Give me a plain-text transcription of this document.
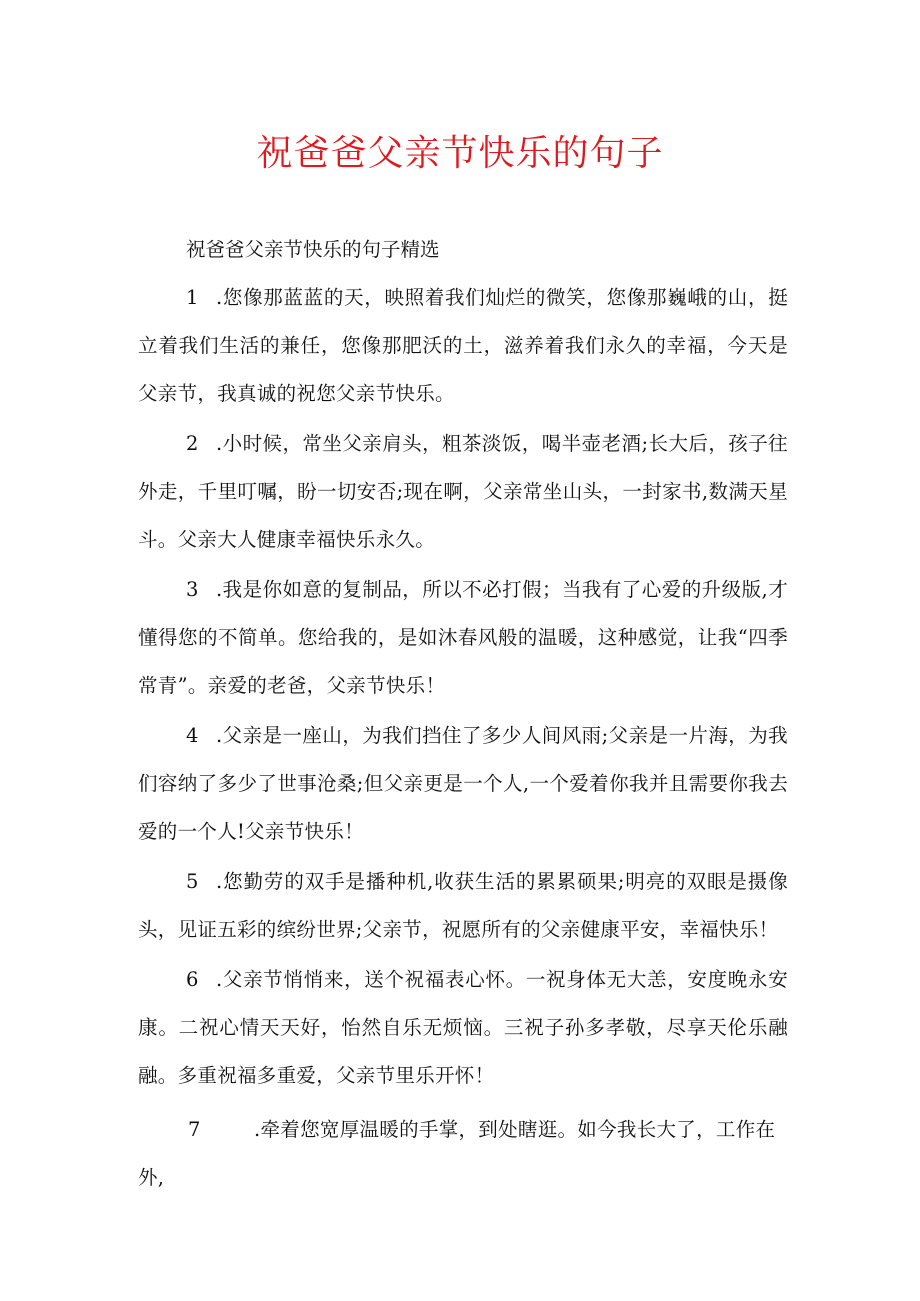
祝爸爸父亲节快乐的句子
祝爸爸父亲节快乐的句子精选

1 .您像那蓝蓝的天，映照着我们灿烂的微笑，您像那巍峨的山，挺立着我们生活的兼任，您像那肥沃的土，滋养着我们永久的幸福，今天是父亲节，我真诚的祝您父亲节快乐。

2 .小时候，常坐父亲肩头，粗茶淡饭，喝半壶老酒;长大后，孩子往外走，千里叮嘱，盼一切安否;现在啊，父亲常坐山头，一封家书,数满天星斗。父亲大人健康幸福快乐永久。

3 .我是你如意的复制品，所以不必打假；当我有了心爱的升级版,才懂得您的不简单。您给我的，是如沐春风般的温暖，这种感觉，让我“四季常青”。亲爱的老爸，父亲节快乐！

4 .父亲是一座山，为我们挡住了多少人间风雨;父亲是一片海，为我们容纳了多少了世事沧桑;但父亲更是一个人,一个爱着你我并且需要你我去爱的一个人!父亲节快乐！

5 .您勤劳的双手是播种机,收获生活的累累硕果;明亮的双眼是摄像头，见证五彩的缤纷世界;父亲节，祝愿所有的父亲健康平安，幸福快乐！

6 .父亲节悄悄来，送个祝福表心怀。一祝身体无大恙，安度晚永安康。二祝心情天天好，怡然自乐无烦恼。三祝子孙多孝敬，尽享天伦乐融融。多重祝福多重爱，父亲节里乐开怀！

7	.牵着您宽厚温暖的手掌，到处瞎逛。如今我长大了，工作在外,
